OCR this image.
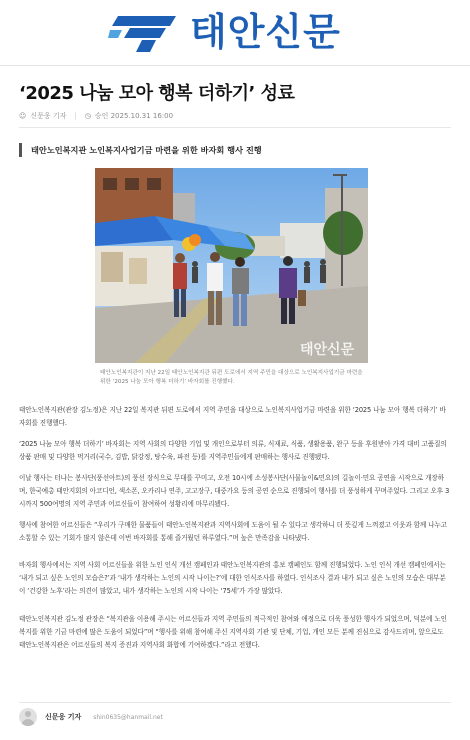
태안신문
‘2025 나눔 모아 행복 더하기’ 성료
☺ 신문웅 기자 | ◷ 승인 2025.10.31 16:00
태안노인복지관 노인복지사업기금 마련을 위한 바자회 행사 진행
태안신문

태안노인복지관이 지난 22일 태안노인복지관 뒤편 도로에서 지역 주민을 대상으로 노인복지사업기금 마련을 위한 ‘2025 나눔 모아 행복 더하기’ 바자회를 진행했다.

태안노인복지관(관장 김노정)은 지난 22일 복지관 뒤편 도로에서 지역 주민을 대상으로 노인복지사업기금 마련을 위한 ‘2025 나눔 모아 행복 더하기’ 바자회를 진행했다.

‘2025 나눔 모아 행복 더하기’ 바자회는 지역 사회의 다양한 기업 및 개인으로부터 의류, 식재료, 식품, 생활용품, 완구 등을 후원받아 가격 대비 고품질의 상품 판매 및 다양한 먹거리(국수, 김밥, 닭강정, 탕수육, 파전 등)를 지역주민들에게 판매하는 행사로 진행됐다.

이날 행사는 터나는 봉사단(풍선아트)의 풍선 장식으로 무대를 꾸미고, 오전 10시에 소성봉사단(사물놀이&민요)의 길놀이·민요 공연을 시작으로 개장하며, 한국예총 태안지회의 아코디언, 색소폰, 오카리나 연주, 고고장구, 대중가요 등의 공연 순으로 진행되어 행사를 더 풍성하게 꾸며주었다. 그리고 오후 3시까지 500여명의 지역 주민과 어르신들이 참여하여 성황리에 마무리됐다.

행사에 참여한 어르신들은 “우리가 구매한 물품들이 태안노인복지관과 지역사회에 도움이 될 수 있다고 생각하니 더 뜻깊게 느껴졌고 이웃과 함께 나누고 소통할 수 있는 기회가 많지 않은데 이번 바자회를 통해 즐거웠던 하루였다.”며 높은 만족감을 나타냈다.

바자회 행사에서는 지역 사회 어르신들을 위한 노인 인식 개선 캠페인과 태안노인복지관의 홍보 캠페인도 함께 진행되었다. 노인 인식 개선 캠페인에서는 ‘내가 되고 싶은 노인의 모습은?’과 ‘내가 생각하는 노인의 시작 나이는?’에 대한 인식조사를 하였다. 인식조사 결과 내가 되고 싶은 노인의 모습은 대부분이 ‘건강한 노후’라는 의견이 많았고, 내가 생각하는 노인의 시작 나이는 ‘75세’가 가장 많았다.

태안노인복지관 김노정 관장은 “복지관을 이용해 주시는 어르신들과 지역 주민들의 적극적인 참여와 애정으로 더욱 풍성한 행사가 되었으며, 덕분에 노인복지를 위한 기금 마련에 많은 도움이 되었다”며 “행사를 위해 참여해 주신 지역사회 기관 및 단체, 기업, 개인 모든 분께 진심으로 감사드리며, 앞으로도 태안노인복지관은 어르신들의 복지 증진과 지역사회 화합에 기여하겠다.”라고 전했다.

신문웅 기자 shin0635@hanmail.net
